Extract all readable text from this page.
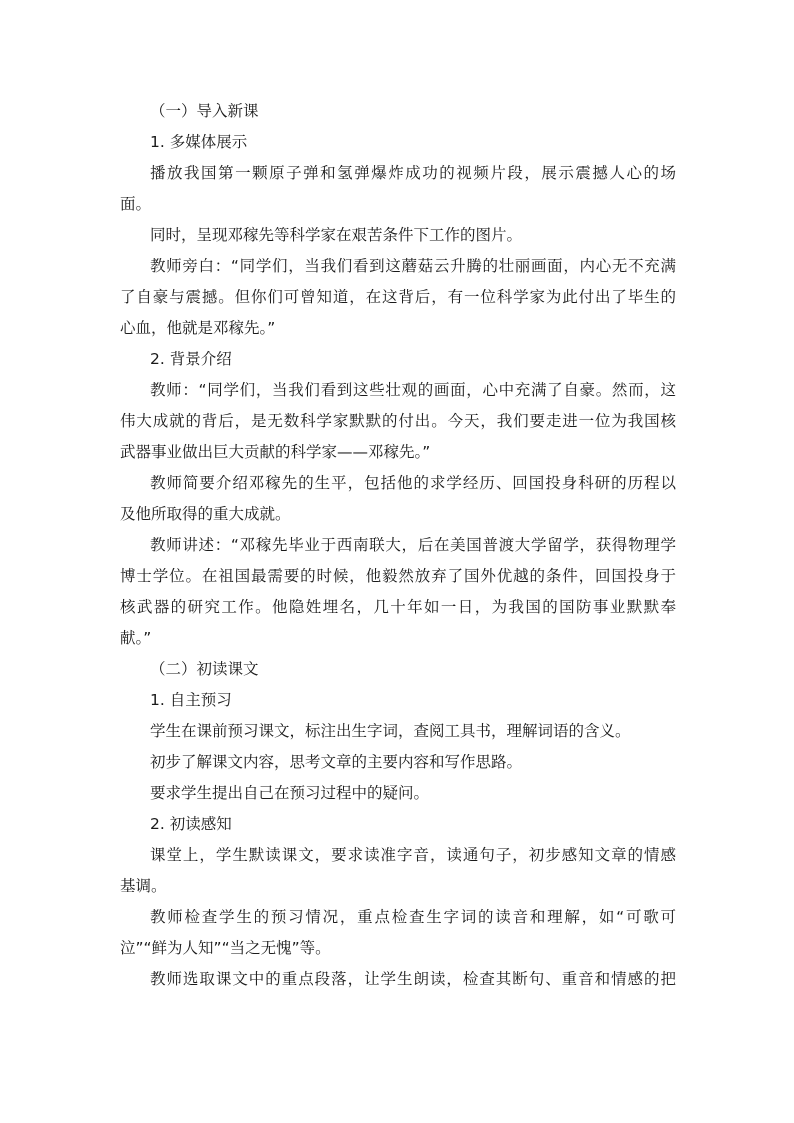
（一）导入新课
1. 多媒体展示
播放我国第一颗原子弹和氢弹爆炸成功的视频片段，展示震撼人心的场
面。
同时，呈现邓稼先等科学家在艰苦条件下工作的图片。
教师旁白：“同学们，当我们看到这蘑菇云升腾的壮丽画面，内心无不充满
了自豪与震撼。但你们可曾知道，在这背后，有一位科学家为此付出了毕生的
心血，他就是邓稼先。”
2. 背景介绍
教师：“同学们，当我们看到这些壮观的画面，心中充满了自豪。然而，这
伟大成就的背后，是无数科学家默默的付出。今天，我们要走进一位为我国核
武器事业做出巨大贡献的科学家——邓稼先。”
教师简要介绍邓稼先的生平，包括他的求学经历、回国投身科研的历程以
及他所取得的重大成就。
教师讲述：“邓稼先毕业于西南联大，后在美国普渡大学留学，获得物理学
博士学位。在祖国最需要的时候，他毅然放弃了国外优越的条件，回国投身于
核武器的研究工作。他隐姓埋名，几十年如一日，为我国的国防事业默默奉
献。”
（二）初读课文
1. 自主预习
学生在课前预习课文，标注出生字词，查阅工具书，理解词语的含义。
初步了解课文内容，思考文章的主要内容和写作思路。
要求学生提出自己在预习过程中的疑问。
2. 初读感知
课堂上，学生默读课文，要求读准字音，读通句子，初步感知文章的情感
基调。
教师检查学生的预习情况，重点检查生字词的读音和理解，如“可歌可
泣”“鲜为人知”“当之无愧”等。
教师选取课文中的重点段落，让学生朗读，检查其断句、重音和情感的把
